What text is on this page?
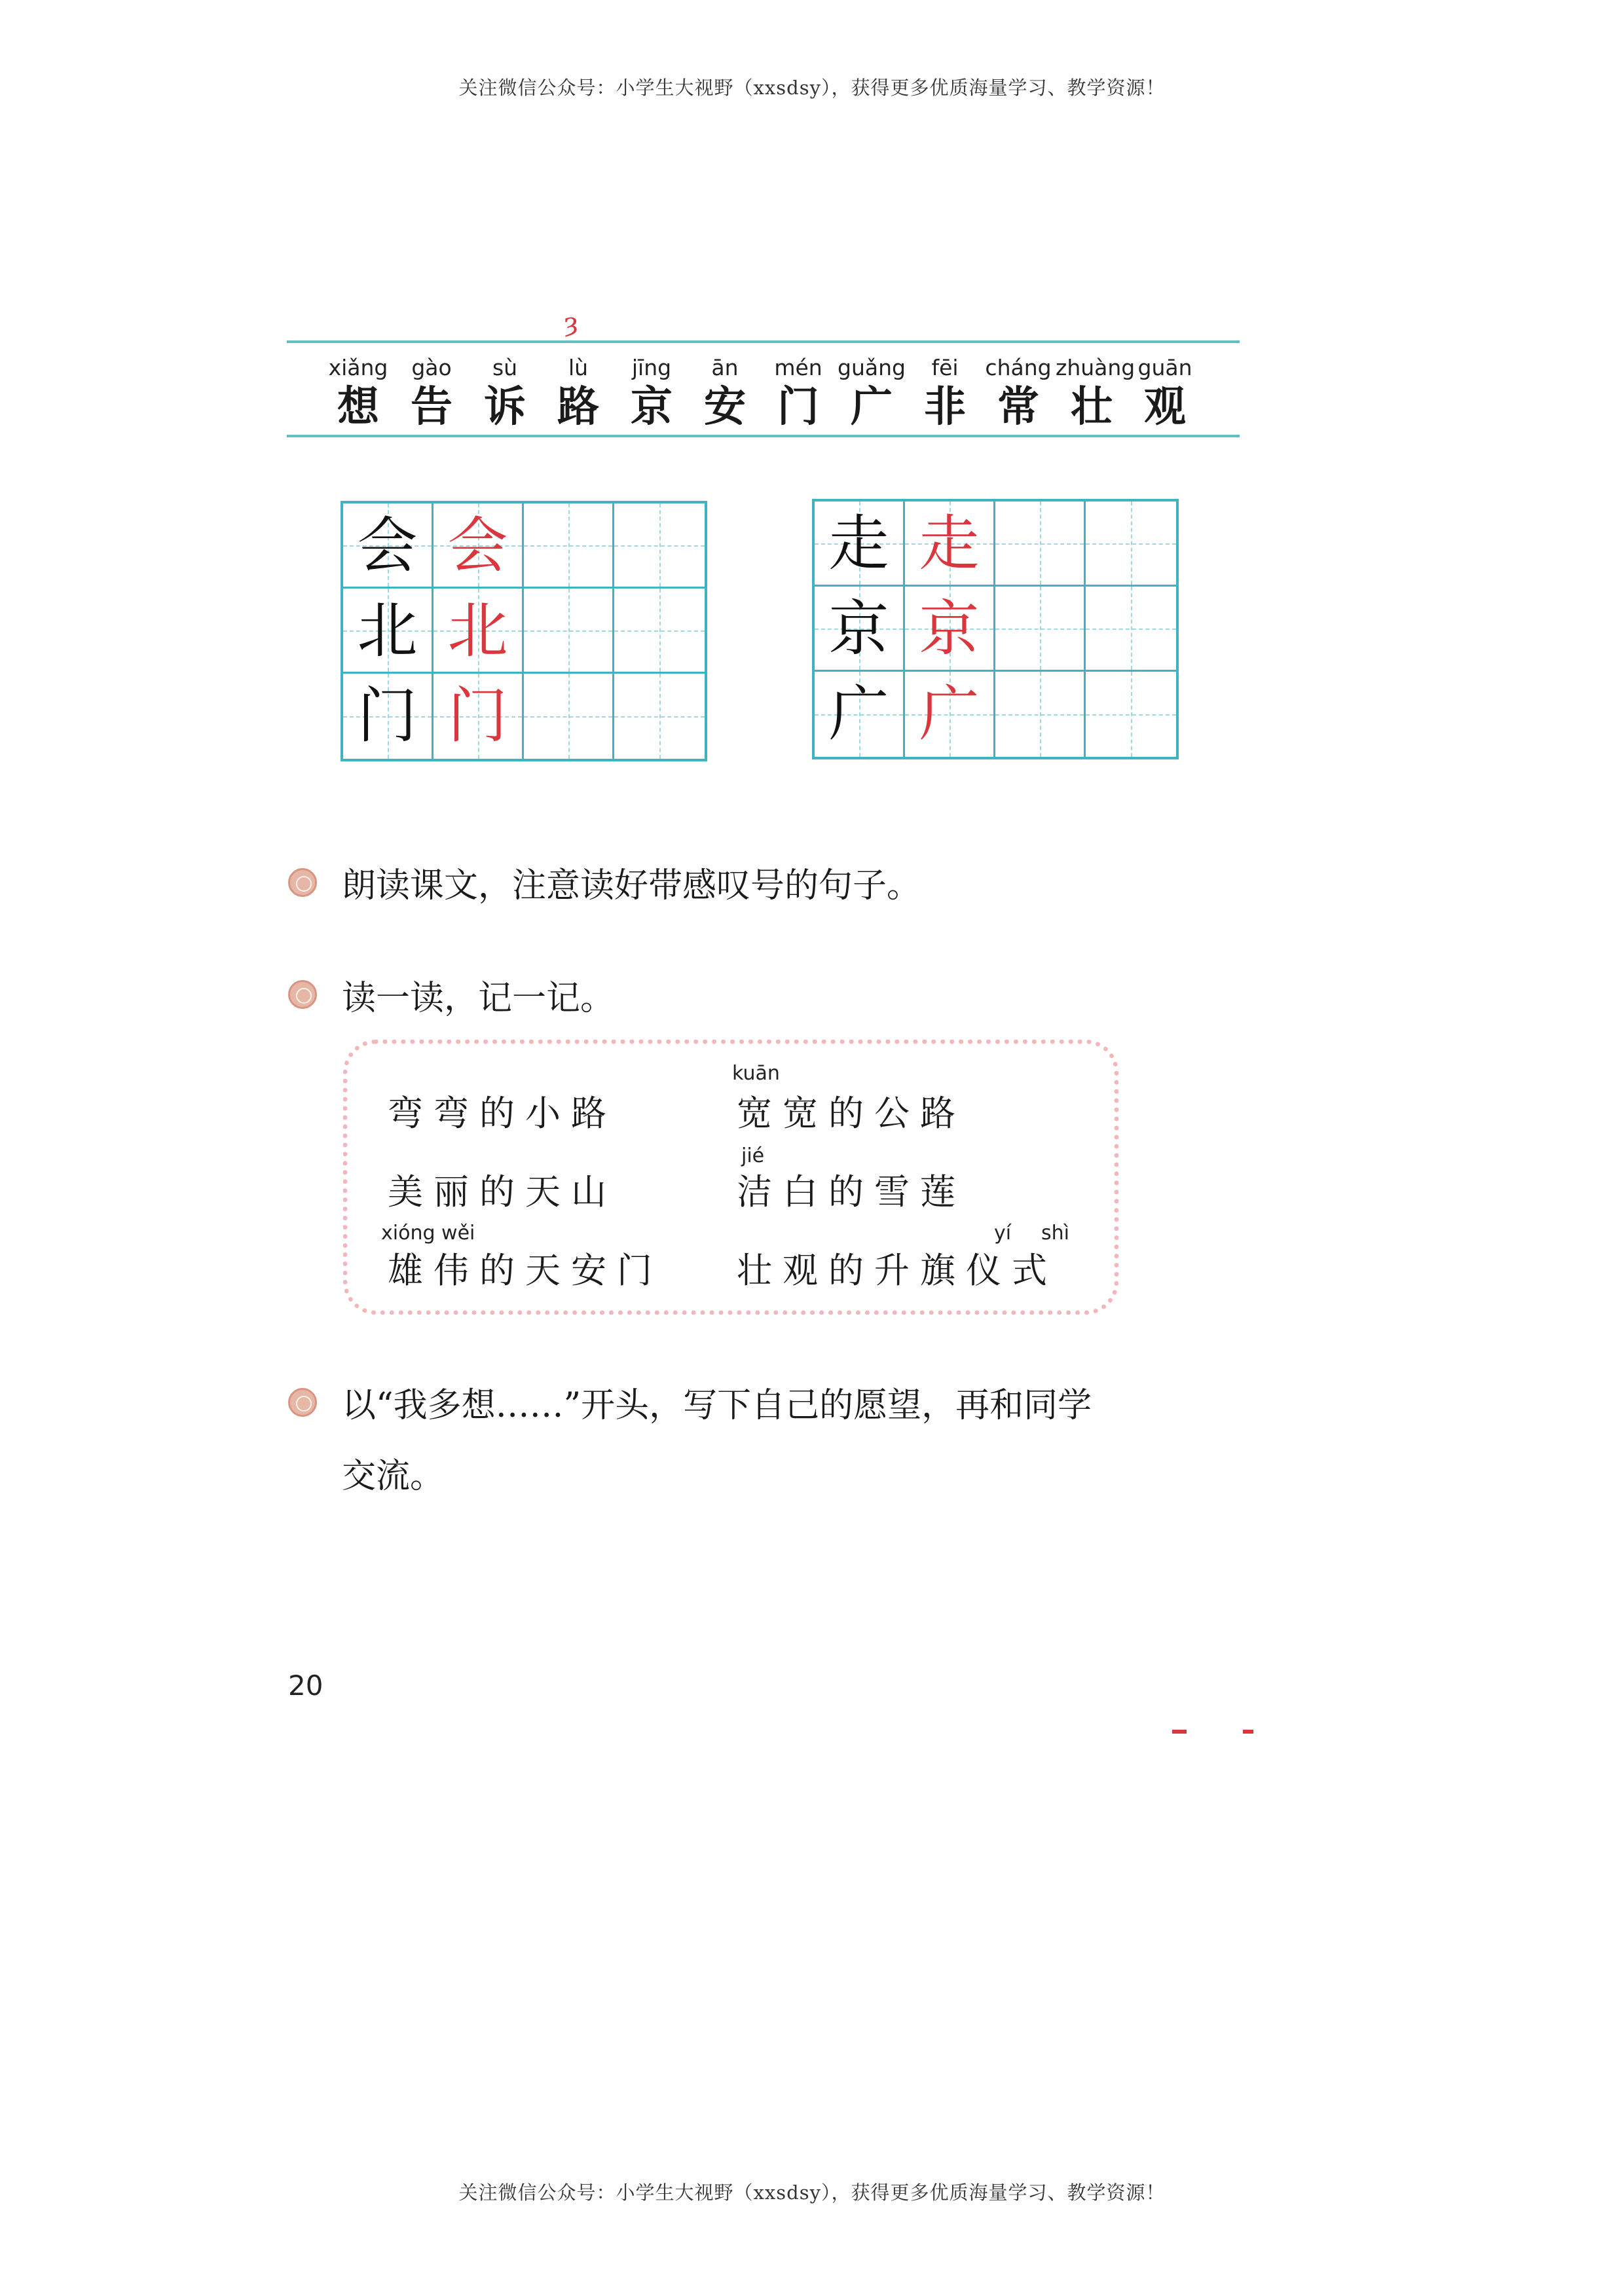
关注微信公众号：小学生大视野（xxsdsy），获得更多优质海量学习、教学资源！
ȝ
xiǎng
想
gào
告
sù
诉
lù
路
jīng
京
ān
安
mén
门
guǎng
广
fēi
非
cháng
常
zhuàng
壮
guān
观
会 会
北 北
门 门
走 走
京 京
广 广
朗读课文，注意读好带感叹号的句子。
读一读，记一记。
弯弯的小路
kuān
宽宽的公路
美丽的天山
jié
洁白的雪莲
xióng wěi
雄伟的天安门
yí shì
壮观的升旗仪式
以“我多想……”开头，写下自己的愿望，再和同学
交流。
20
关注微信公众号：小学生大视野（xxsdsy），获得更多优质海量学习、教学资源！
